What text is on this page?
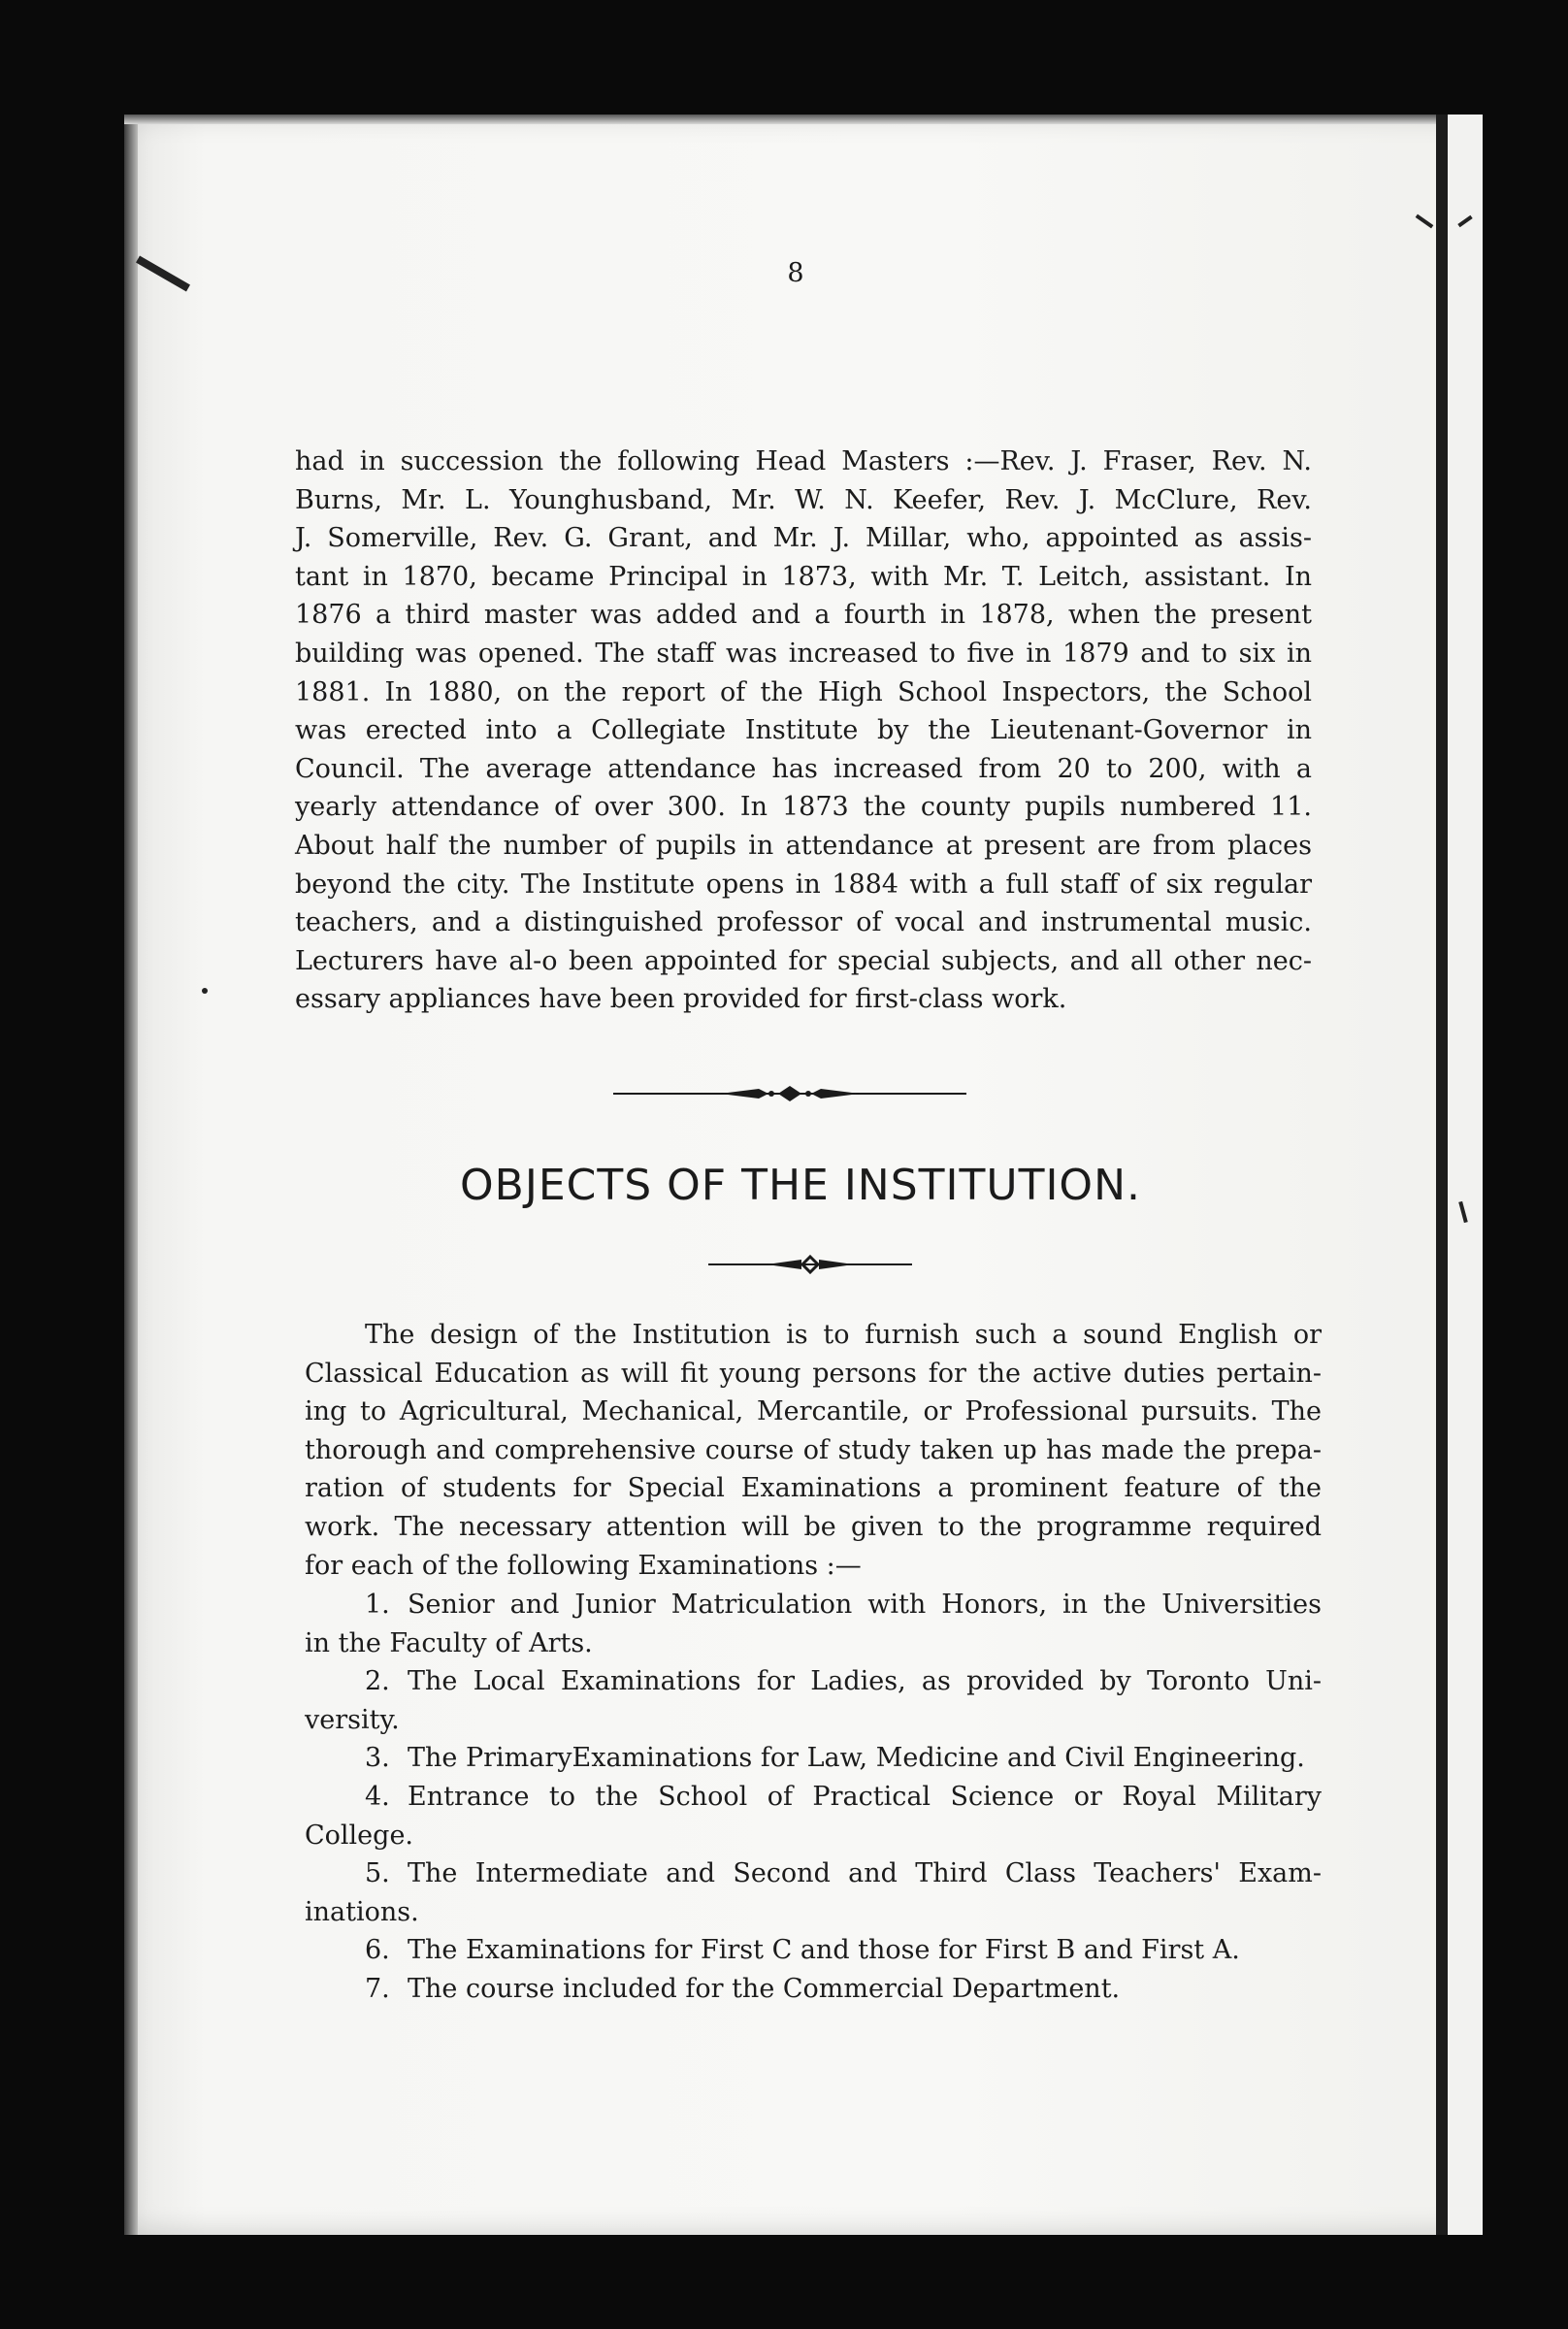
8
had in succession the following Head Masters :—Rev. J. Fraser, Rev. N.
Burns, Mr. L. Younghusband, Mr. W. N. Keefer, Rev. J. McClure, Rev.
J. Somerville, Rev. G. Grant, and Mr. J. Millar, who, appointed as assis-
tant in 1870, became Principal in 1873, with Mr. T. Leitch, assistant. In
1876 a third master was added and a fourth in 1878, when the present
building was opened. The staff was increased to five in 1879 and to six in
1881. In 1880, on the report of the High School Inspectors, the School
was erected into a Collegiate Institute by the Lieutenant-Governor in
Council. The average attendance has increased from 20 to 200, with a
yearly attendance of over 300. In 1873 the county pupils numbered 11.
About half the number of pupils in attendance at present are from places
beyond the city. The Institute opens in 1884 with a full staff of six regular
teachers, and a distinguished professor of vocal and instrumental music.
Lecturers have al-o been appointed for special subjects, and all other nec-
essary appliances have been provided for first-class work.
OBJECTS OF THE INSTITUTION.
The design of the Institution is to furnish such a sound English or
Classical Education as will fit young persons for the active duties pertain-
ing to Agricultural, Mechanical, Mercantile, or Professional pursuits. The
thorough and comprehensive course of study taken up has made the prepa-
ration of students for Special Examinations a prominent feature of the
work. The necessary attention will be given to the programme required
for each of the following Examinations :—
1. Senior and Junior Matriculation with Honors, in the Universities
in the Faculty of Arts.
2. The Local Examinations for Ladies, as provided by Toronto Uni-
versity.
3. The PrimaryExaminations for Law, Medicine and Civil Engineering.
4. Entrance to the School of Practical Science or Royal Military
College.
5. The Intermediate and Second and Third Class Teachers' Exam-
inations.
6. The Examinations for First C and those for First B and First A.
7. The course included for the Commercial Department.
